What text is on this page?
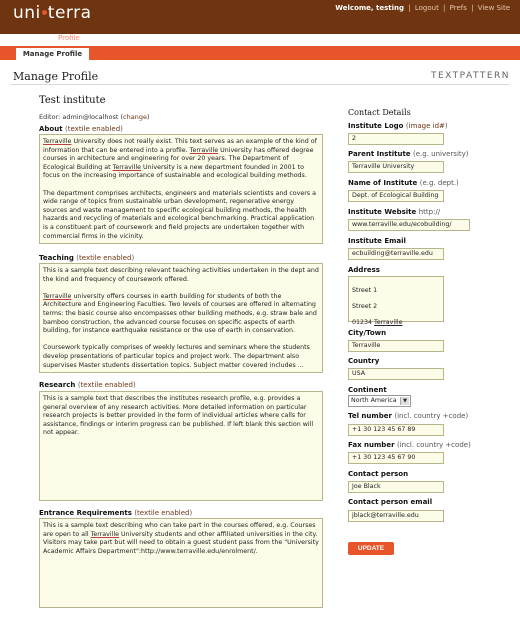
uni terra	Welcome, testing | Logout | Prefs | View Site
Content Profile	Admin
Manage Profile
Manage Profile	TEXTPATTERN
Test institute
Editor: admin@localhost (change)
About (textile enabled)

Terraville University does not really exist. This text serves as an example of the kind of information that can be entered into a profile. Terraville University has offered degree courses in architecture and engineering for over 20 years. The Department of Ecological Building at Terraville University is a new department founded in 2001 to focus on the increasing importance of sustainable and ecological building methods.

The department comprises architects, engineers and materials scientists and covers a wide range of topics from sustainable urban development, regenerative energy sources and waste management to specific ecological building methods, the health hazards and recycling of materials and ecological benchmarking. Practical application is a constituent part of coursework and field projects are undertaken together with commercial firms in the vicinity.

Teaching (textile enabled)

This is a sample text describing relevant teaching activities undertaken in the dept and the kind and frequency of coursework offered.

Terraville university offers courses in earth building for students of both the Architecture and Engineering Faculties. Two levels of courses are offered in alternating terms: the basic course also encompasses other building methods, e.g. straw bale and bamboo construction, the advanced course focuses on specific aspects of earth building, for instance earthquake resistance or the use of earth in conservation.

Coursework typically comprises of weekly lectures and seminars where the students develop presentations of particular topics and project work. The department also supervises Master students dissertation topics. Subject matter covered includes ...

Research (textile enabled)

This is a sample text that describes the institutes research profile, e.g. provides a general overview of any research activities. More detailed information on particular research projects is better provided in the form of individual articles where calls for assistance, findings or interim progress can be published. If left blank this section will not appear.

Entrance Requirements (textile enabled)

This is a sample text describing who can take part in the courses offered, e.g. Courses are open to all Terraville University students and other affiliated universities in the city. Visitors may take part but will need to obtain a guest student pass from the "University Academic Affairs Department":http://www.terraville.edu/enrolment/.

Contact Details
Institute Logo (image id#)
2
Parent Institute (e.g. university)
Terraville University
Name of Institute (e.g. dept.)
Dept. of Ecological Building
Institute Website http://
www.terraville.edu/ecobuilding/
Institute Email
ecbuilding@terraville.edu
Address

Street 1

Street 2

01234 Terraville

City/Town
Terraville
Country
USA
Continent
North America	▼
Tel number (incl. country +code)
+1 30 123 45 67 89
Fax number (incl. country +code)
+1 30 123 45 67 90
Contact person
Joe Black
Contact person email
jblack@terraville.edu
UPDATE
